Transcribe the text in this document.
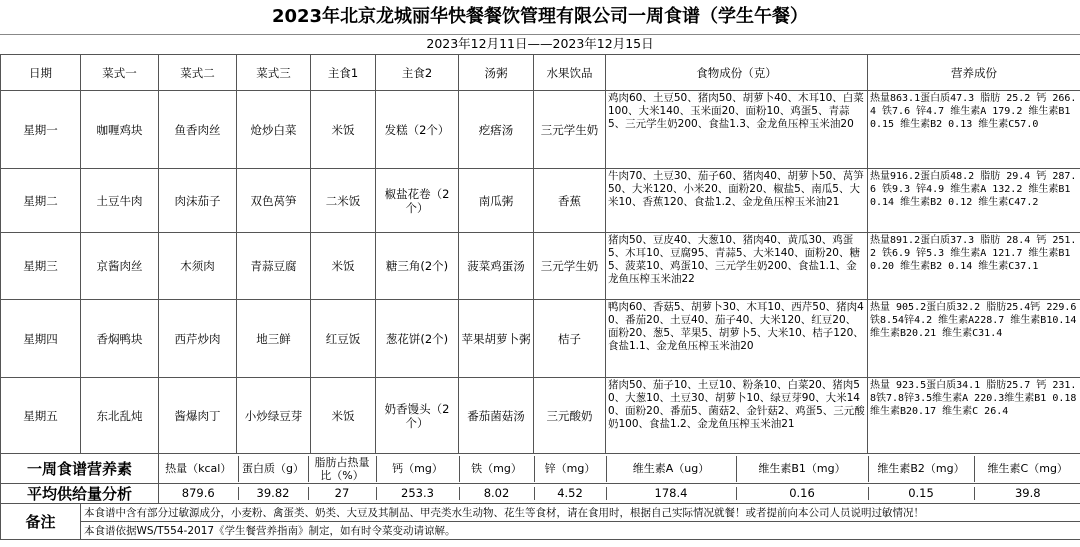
2023年北京龙城丽华快餐餐饮管理有限公司一周食谱（学生午餐）
2023年12月11日——2023年12月15日
日期	菜式一	菜式二	菜式三	主食1	主食2	汤粥	水果饮品	食物成份（克）	营养成份
星期一	咖喱鸡块	鱼香肉丝	炝炒白菜	米饭	发糕（2个）	疙瘩汤	三元学生奶	鸡肉60、土豆50、猪肉50、胡萝卜40、木耳10、白菜100、大米140、玉米面20、面粉10、鸡蛋5、青蒜5、三元学生奶200、食盐1.3、金龙鱼压榨玉米油20	热量863.1蛋白质47.3 脂肪 25.2 钙 266.4 铁7.6 锌4.7 维生素A 179.2 维生素B1 0.15 维生素B2 0.13 维生素C57.0
星期二	土豆牛肉	肉沫茄子	双色莴笋	二米饭	椒盐花卷（2个）	南瓜粥	香蕉	牛肉70、土豆30、茄子60、猪肉40、胡萝卜50、莴笋50、大米120、小米20、面粉20、椒盐5、南瓜5、大米10、香蕉120、食盐1.2、金龙鱼压榨玉米油21	热量916.2蛋白质48.2 脂肪 29.4 钙 287.6 铁9.3 锌4.9 维生素A 132.2 维生素B1 0.14 维生素B2 0.12 维生素C47.2
星期三	京酱肉丝	木须肉	青蒜豆腐	米饭	糖三角(2个)	菠菜鸡蛋汤	三元学生奶	猪肉50、豆皮40、大葱10、猪肉40、黄瓜30、鸡蛋5、木耳10、豆腐95、青蒜5、大米140、面粉20、糖5、菠菜10、鸡蛋10、三元学生奶200、食盐1.1、金龙鱼压榨玉米油22	热量891.2蛋白质37.3 脂肪 28.4 钙 251.2 铁6.9 锌5.3 维生素A 121.7 维生素B1 0.20 维生素B2 0.14 维生素C37.1
星期四	香焖鸭块	西芹炒肉	地三鲜	红豆饭	葱花饼(2个)	苹果胡萝卜粥	桔子	鸭肉60、香菇5、胡萝卜30、木耳10、西芹50、猪肉40、番茄20、土豆40、茄子40、大米120、红豆20、面粉20、葱5、苹果5、胡萝卜5、大米10、桔子120、食盐1.1、金龙鱼压榨玉米油20	热量 905.2蛋白质32.2 脂肪25.4钙 229.6铁8.54锌4.2 维生素A228.7 维生素B10.14 维生素B20.21 维生素C31.4
星期五	东北乱炖	酱爆肉丁	小炒绿豆芽	米饭	奶香馒头（2个）	番茄菌菇汤	三元酸奶	猪肉50、茄子10、土豆10、粉条10、白菜20、猪肉50、大葱10、土豆30、胡萝卜10、绿豆芽90、大米140、面粉20、番茄5、菌菇2、金针菇2、鸡蛋5、三元酸奶100、食盐1.2、金龙鱼压榨玉米油21	热量 923.5蛋白质34.1 脂肪25.7 钙 231.8铁7.8锌3.5维生素A 220.3维生素B1 0.18维生素B20.17 维生素C 26.4
一周食谱营养素		热量（kcal）	蛋白质（g）	脂肪占热量比（%）	钙（mg）	铁（mg）	锌（mg）	维生素A（ug）	维生素B1（mg）	维生素B2（mg）	维生素C（mg）

平均供给量分析		879.6	39.82	27	253.3	8.02	4.52	178.4	0.16	0.15	39.8

备注	本食谱中含有部分过敏源成分，小麦粉、禽蛋类、奶类、大豆及其制品、甲壳类水生动物、花生等食材，请在食用时，根据自己实际情况就餐！或者提前向本公司人员说明过敏情况！
本食谱依据WS/T554-2017《学生餐营养指南》制定，如有时令菜变动请谅解。
